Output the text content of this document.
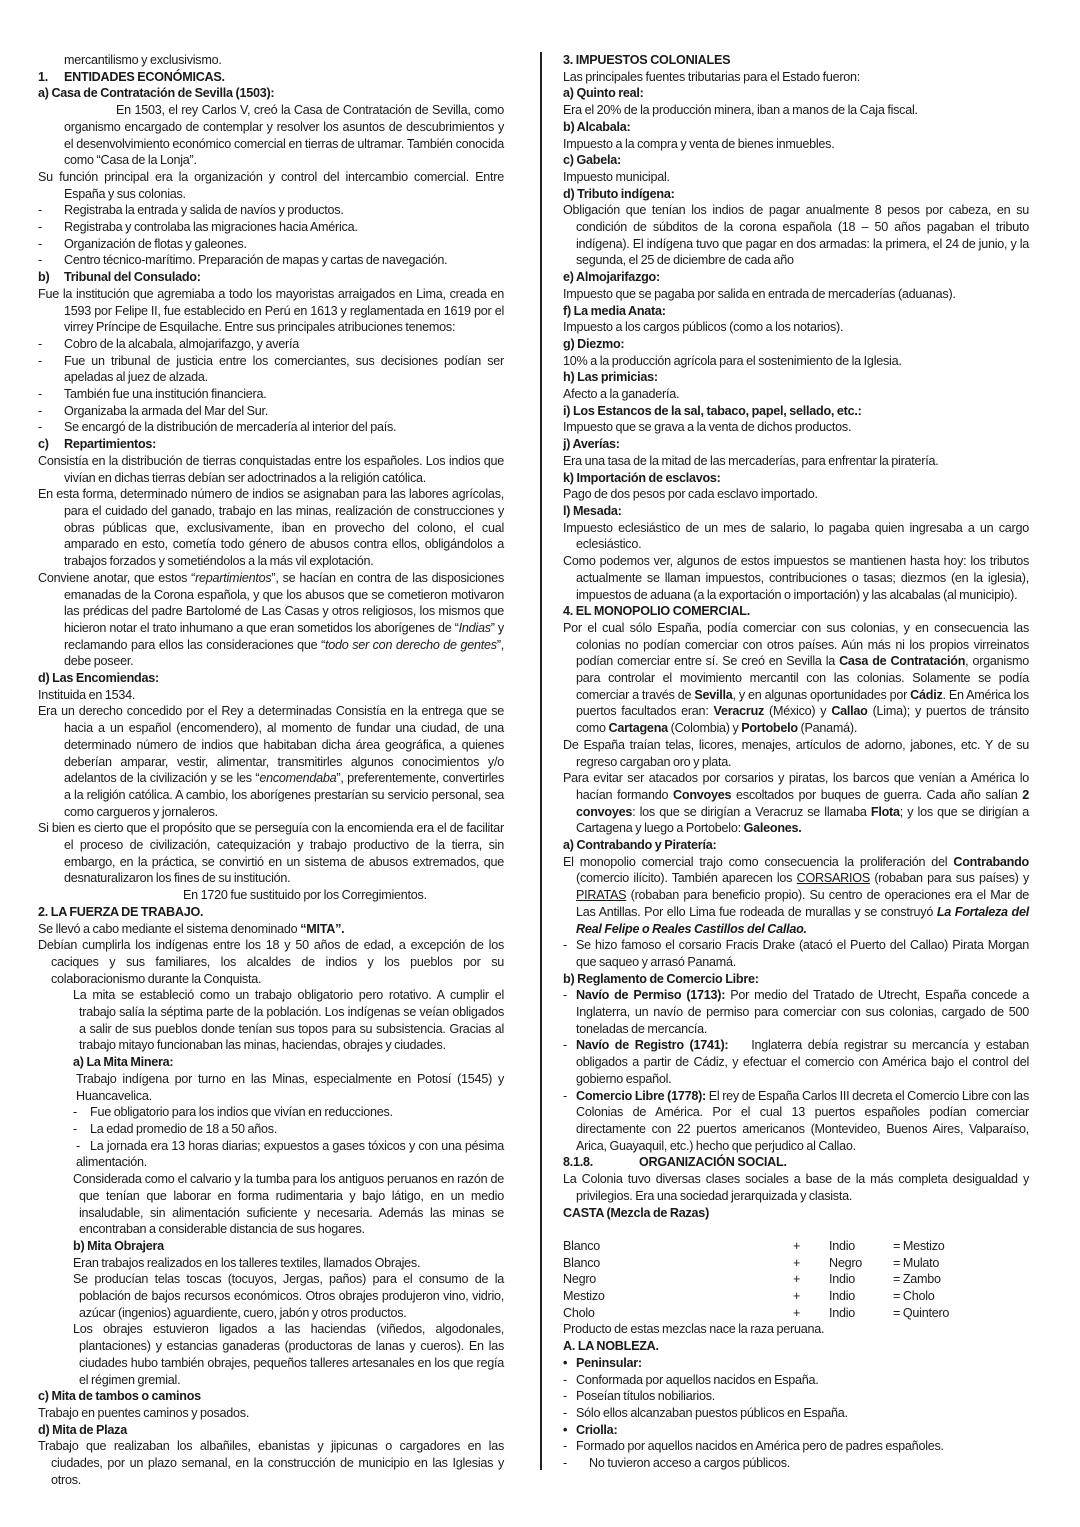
mercantilismo y exclusivismo.
1. ENTIDADES ECONÓMICAS.
a) Casa de Contratación de Sevilla (1503):
En 1503, el rey Carlos V, creó la Casa de Contratación de Sevilla, como organismo encargado de contemplar y resolver los asuntos de descubrimientos y el desenvolvimiento económico comercial en tierras de ultramar. También conocida como “Casa de la Lonja”.
Su función principal era la organización y control del intercambio comercial. Entre España y sus colonias.
-	Registraba la entrada y salida de navíos y productos.
-	Registraba y controlaba las migraciones hacia América.
-	Organización de flotas y galeones.
-	Centro técnico-marítimo. Preparación de mapas y cartas de navegación.
b) Tribunal del Consulado:
Fue la institución que agremiaba a todo los mayoristas arraigados en Lima, creada en 1593 por Felipe II, fue establecido en Perú en 1613 y reglamentada en 1619 por el virrey Príncipe de Esquilache. Entre sus principales atribuciones tenemos:
-	Cobro de la alcabala, almojarifazgo, y avería
-	Fue un tribunal de justicia entre los comerciantes, sus decisiones podían ser apeladas al juez de alzada.
-	También fue una institución financiera.
-	Organizaba la armada del Mar del Sur.
-	Se encargó de la distribución de mercadería al interior del país.
c) Repartimientos:
Consistía en la distribución de tierras conquistadas entre los españoles. Los indios que vivían en dichas tierras debían ser adoctrinados a la religión católica.
En esta forma, determinado número de indios se asignaban para las labores agrícolas, para el cuidado del ganado, trabajo en las minas, realización de construcciones y obras públicas que, exclusivamente, iban en provecho del colono, el cual amparado en esto, cometía todo género de abusos contra ellos, obligándolos a trabajos forzados y sometiéndolos a la más vil explotación.
Conviene anotar, que estos “repartimientos”, se hacían en contra de las disposiciones emanadas de la Corona española, y que los abusos que se cometieron motivaron las prédicas del padre Bartolomé de Las Casas y otros religiosos, los mismos que hicieron notar el trato inhumano a que eran sometidos los aborígenes de “Indias” y reclamando para ellos las consideraciones que “todo ser con derecho de gentes”, debe poseer.
d) Las Encomiendas:
Instituida en 1534.
Era un derecho concedido por el Rey a determinadas Consistía en la entrega que se hacia a un español (encomendero), al momento de fundar una ciudad, de una determinado número de indios que habitaban dicha área geográfica, a quienes deberían amparar, vestir, alimentar, transmitirles algunos conocimientos y/o adelantos de la civilización y se les “encomendaba”, preferentemente, convertirles a la religión católica. A cambio, los aborígenes prestarían su servicio personal, sea como cargueros y jornaleros.
Si bien es cierto que el propósito que se perseguía con la encomienda era el de facilitar el proceso de civilización, catequización y trabajo productivo de la tierra, sin embargo, en la práctica, se convirtió en un sistema de abusos extremados, que desnaturalizaron los fines de su institución.
En 1720 fue sustituido por los Corregimientos.
2. LA FUERZA DE TRABAJO.
Se llevó a cabo mediante el sistema denominado “MITA”.
Debían cumplirla los indígenas entre los 18 y 50 años de edad, a excepción de los caciques y sus familiares, los alcaldes de indios y los pueblos por su colaboracionismo durante la Conquista.
La mita se estableció como un trabajo obligatorio pero rotativo. A cumplir el trabajo salía la séptima parte de la población. Los indígenas se veían obligados a salir de sus pueblos donde tenían sus topos para su subsistencia. Gracias al trabajo mitayo funcionaban las minas, haciendas, obrajes y ciudades.
a) La Mita Minera:
Trabajo indígena por turno en las Minas, especialmente en Potosí (1545) y Huancavelica.
-	Fue obligatorio para los indios que vivían en reducciones.
-	La edad promedio de 18 a 50 años.
-   La jornada era 13 horas diarias; expuestos a gases tóxicos y con una pésima alimentación.
Considerada como el calvario y la tumba para los antiguos peruanos en razón de que tenían que laborar en forma rudimentaria y bajo látigo, en un medio insaludable, sin alimentación suficiente y necesaria. Además las minas se encontraban a considerable distancia de sus hogares.
b) Mita Obrajera
Eran trabajos realizados en los talleres textiles, llamados Obrajes.
Se producían telas toscas (tocuyos, Jergas, paños) para el consumo de la población de bajos recursos económicos. Otros obrajes produjeron vino, vidrio, azúcar (ingenios) aguardiente, cuero, jabón y otros productos.
Los obrajes estuvieron ligados a las haciendas (viñedos, algodonales, plantaciones) y estancias ganaderas (productoras de lanas y cueros). En las ciudades hubo también obrajes, pequeños talleres artesanales en los que regía el régimen gremial.
c) Mita de tambos o caminos
Trabajo en puentes caminos y posados.
d) Mita de Plaza
Trabajo que realizaban los albañiles, ebanistas y jipicunas o cargadores en las ciudades, por un plazo semanal, en la construcción de municipio en las Iglesias y otros.
3. IMPUESTOS COLONIALES
Las principales fuentes tributarias para el Estado fueron:
a) Quinto real:
Era el 20% de la producción minera, iban a manos de la Caja fiscal.
b) Alcabala:
Impuesto a la compra y venta de bienes inmuebles.
c) Gabela:
Impuesto municipal.
d) Tributo indígena:
Obligación que tenían los indios de pagar anualmente 8 pesos por cabeza, en su condición de súbditos de la corona española (18 – 50 años pagaban el tributo indígena). El indígena tuvo que pagar en dos armadas: la primera, el 24 de junio, y la segunda, el 25 de diciembre de cada año
e) Almojarifazgo:
Impuesto que se pagaba por salida en entrada de mercaderías (aduanas).
f) La media Anata:
Impuesto a los cargos públicos (como a los notarios).
g) Diezmo:
10% a la producción agrícola para el sostenimiento de la Iglesia.
h) Las primicias:
Afecto a la ganadería.
i) Los Estancos de la sal, tabaco, papel, sellado, etc.:
Impuesto que se grava a la venta de dichos productos.
j) Averías:
Era una tasa de la mitad de las mercaderías, para enfrentar la piratería.
k) Importación de esclavos:
Pago de dos pesos por cada esclavo importado.
l) Mesada:
Impuesto eclesiástico de un mes de salario, lo pagaba quien ingresaba a un cargo eclesiástico.
Como podemos ver, algunos de estos impuestos se mantienen hasta hoy: los tributos actualmente se llaman impuestos, contribuciones o tasas; diezmos (en la iglesia), impuestos de aduana (a la exportación o importación) y las alcabalas (al municipio).
4. EL MONOPOLIO COMERCIAL.
Por el cual sólo España, podía comerciar con sus colonias, y en consecuencia las colonias no podían comerciar con otros países. Aún más ni los propios virreinatos podían comerciar entre sí. Se creó en Sevilla la Casa de Contratación, organismo para controlar el movimiento mercantil con las colonias. Solamente se podía comerciar a través de Sevilla, y en algunas oportunidades por Cádiz. En América los puertos facultados eran: Veracruz (México) y Callao (Lima); y puertos de tránsito como Cartagena (Colombia) y Portobelo (Panamá).
De España traían telas, licores, menajes, artículos de adorno, jabones, etc. Y de su regreso cargaban oro y plata.
Para evitar ser atacados por corsarios y piratas, los barcos que venían a América lo hacían formando Convoyes escoltados por buques de guerra. Cada año salían 2 convoyes: los que se dirigían a Veracruz se llamaba Flota; y los que se dirigían a Cartagena y luego a Portobelo: Galeones.
a) Contrabando y Piratería:
El monopolio comercial trajo como consecuencia la proliferación del Contrabando (comercio ilícito). También aparecen los CORSARIOS (robaban para sus países) y PIRATAS (robaban para beneficio propio). Su centro de operaciones era el Mar de Las Antillas. Por ello Lima fue rodeada de murallas y se construyó La Fortaleza del Real Felipe o Reales Castillos del Callao.
- Se hizo famoso el corsario Fracis Drake (atacó el Puerto del Callao) Pirata Morgan que saqueo y arrasó Panamá.
b) Reglamento de Comercio Libre:
- Navío de Permiso (1713): Por medio del Tratado de Utrecht, España concede a Inglaterra, un navío de permiso para comerciar con sus colonias, cargado de 500 toneladas de mercancía.
- Navío de Registro (1741):    Inglaterra debía registrar su mercancía y estaban obligados a partir de Cádiz, y efectuar el comercio con América bajo el control del gobierno español.
- Comercio Libre (1778): El rey de España Carlos III decreta el Comercio Libre con las Colonias de América. Por el cual 13 puertos españoles podían comerciar directamente con 22 puertos americanos (Montevideo, Buenos Aires, Valparaíso, Arica, Guayaquil, etc.) hecho que perjudico al Callao.
8.1.8.	ORGANIZACIÓN SOCIAL.
La Colonia tuvo diversas clases sociales a base de la más completa desigualdad y privilegios. Era una sociedad jerarquizada y clasista.
CASTA (Mezcla de Razas)
Blanco	+	Indio	= Mestizo
Blanco	+	Negro	= Mulato
Negro	+	Indio	= Zambo
Mestizo	+	Indio	= Cholo
Cholo	+	Indio	= Quintero
Producto de estas mezclas nace la raza peruana.
A. LA NOBLEZA.
• Peninsular:
- Conformada por aquellos nacidos en España.
- Poseían títulos nobiliarios.
- Sólo ellos alcanzaban puestos públicos en España.
• Criolla:
- Formado por aquellos nacidos en América pero de padres españoles.
-	No tuvieron acceso a cargos públicos.
